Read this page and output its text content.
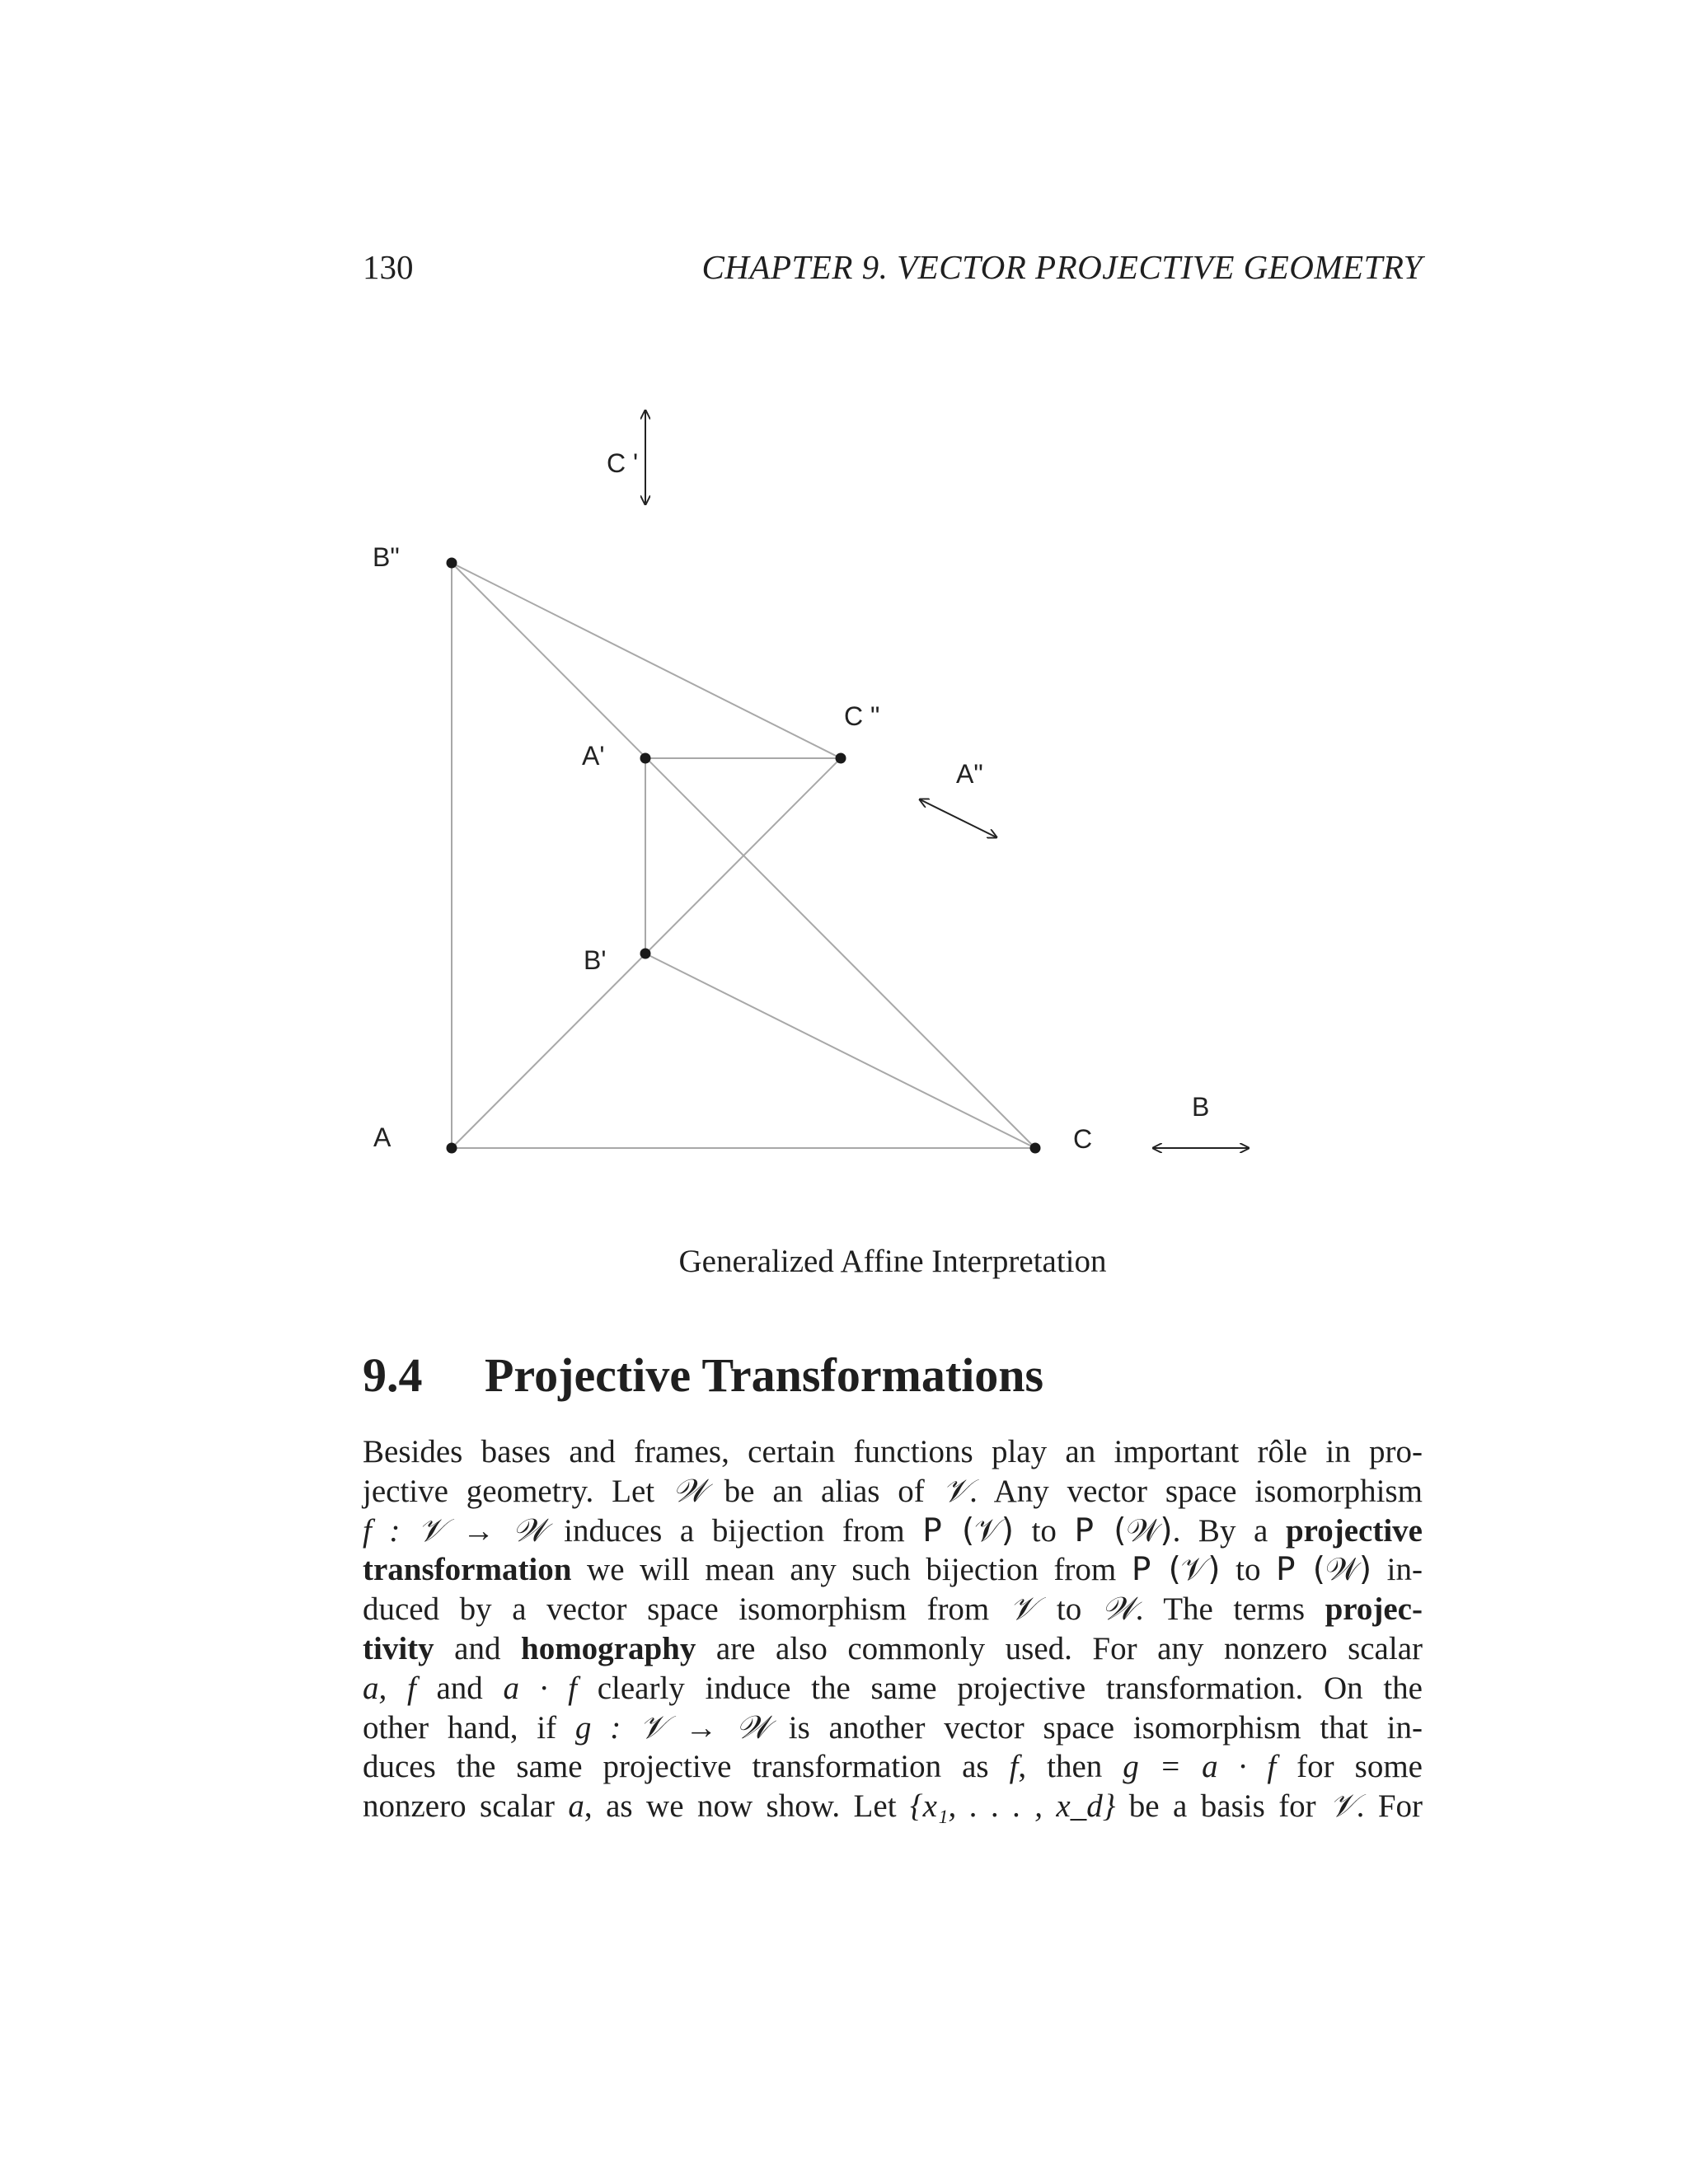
130	CHAPTER 9. VECTOR PROJECTIVE GEOMETRY
A	C
B
B"
A'
B'
C '
C "
A"
Generalized Affine Interpretation
9.4 Projective Transformations
Besides bases and frames, certain functions play an important rôle in pro-
jective geometry. Let 𝒲 be an alias of 𝒱. Any vector space isomorphism
f : 𝒱 → 𝒲 induces a bijection from P (𝒱) to P (𝒲). By a projective
transformation we will mean any such bijection from P (𝒱) to P (𝒲) in-
duced by a vector space isomorphism from 𝒱 to 𝒲. The terms projec-
tivity and homography are also commonly used. For any nonzero scalar
a, f and a · f clearly induce the same projective transformation. On the
other hand, if g : 𝒱 → 𝒲 is another vector space isomorphism that in-
duces the same projective transformation as f, then g = a · f for some
nonzero scalar a, as we now show. Let {x₁, . . . , x_d} be a basis for 𝒱. For
